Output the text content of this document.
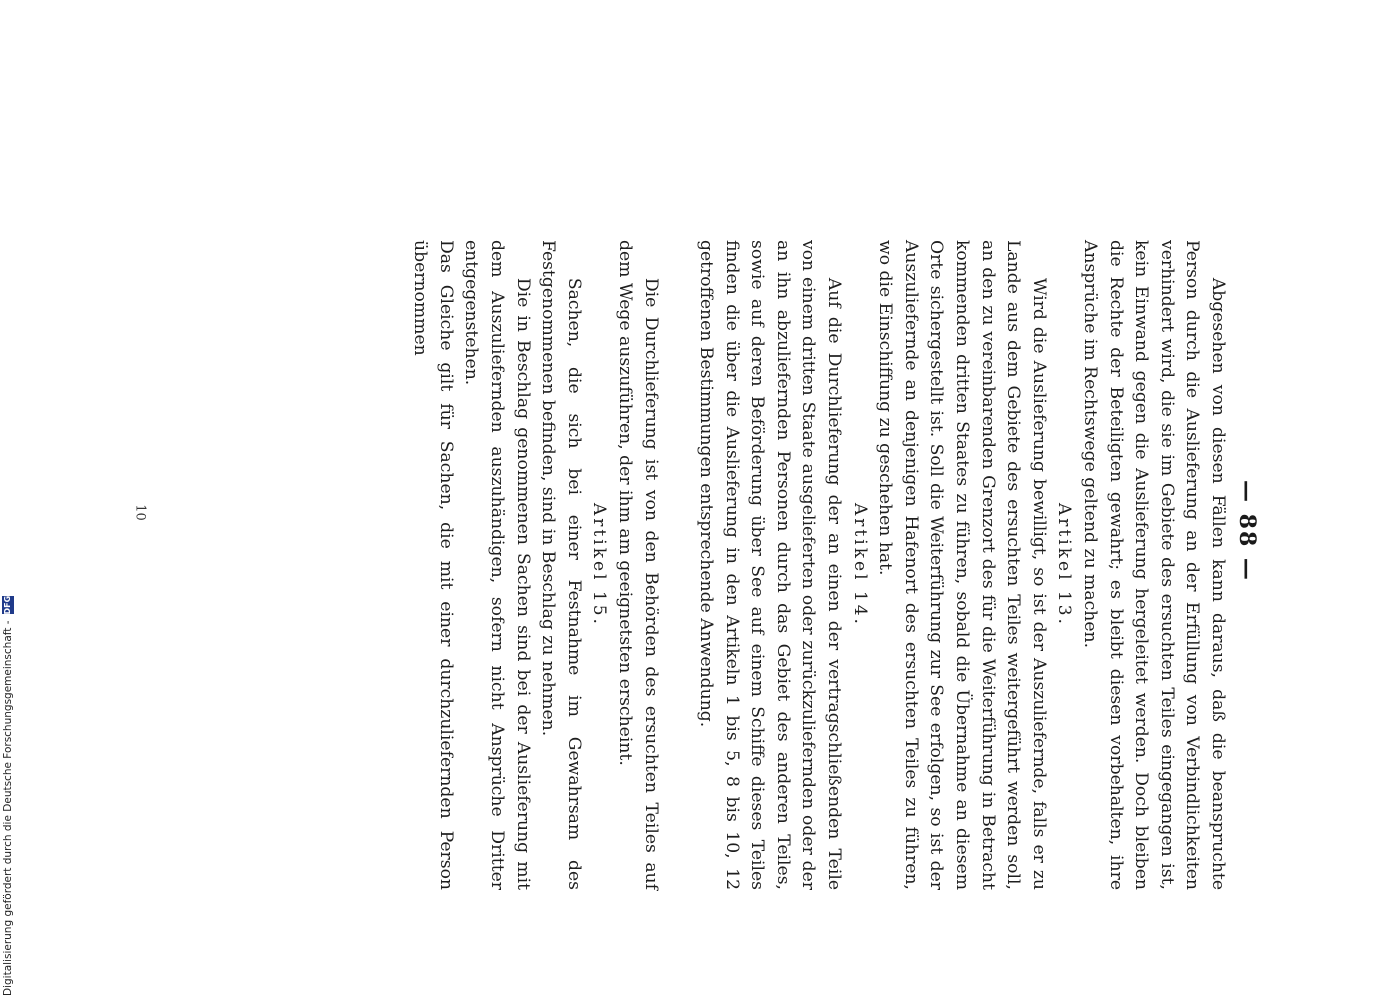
— 88 —

Abgesehen von diesen Fällen kann daraus, daß die beanspruchte Person durch die Auslieferung an der Erfüllung von Verbindlichkeiten verhindert wird, die sie im Gebiete des ersuchten Teiles eingegangen ist, kein Einwand gegen die Auslieferung hergeleitet werden. Doch bleiben die Rechte der Beteiligten gewahrt; es bleibt diesen vorbehalten, ihre Ansprüche im Rechtswege geltend zu machen.

Artikel 13.

Wird die Auslieferung bewilligt, so ist der Auszuliefernde, falls er zu Lande aus dem Gebiete des ersuchten Teiles weitergeführt werden soll, an den zu vereinbarenden Grenzort des für die Weiterführung in Betracht kommenden dritten Staates zu führen, sobald die Übernahme an diesem Orte sichergestellt ist. Soll die Weiterführung zur See erfolgen, so ist der Auszuliefernde an denjenigen Hafenort des ersuchten Teiles zu führen, wo die Einschiffung zu geschehen hat.

Artikel 14.

Auf die Durchlieferung der an einen der vertragschließenden Teile von einem dritten Staate ausgelieferten oder zurückzuliefernden oder der an ihn abzuliefernden Personen durch das Gebiet des anderen Teiles, sowie auf deren Beförderung über See auf einem Schiffe dieses Teiles finden die über die Auslieferung in den Artikeln 1 bis 5, 8 bis 10, 12 getroffenen Bestimmungen entsprechende Anwendung.

Die Durchlieferung ist von den Behörden des ersuchten Teiles auf dem Wege auszuführen, der ihm am geeignetsten erscheint.

Artikel 15.

Sachen, die sich bei einer Festnahme im Gewahrsam des Festgenommenen befinden, sind in Beschlag zu nehmen.

Die in Beschlag genommenen Sachen sind bei der Auslieferung mit dem Auszuliefernden auszuhändigen, sofern nicht Ansprüche Dritter entgegenstehen.

Das Gleiche gilt für Sachen, die mit einer durchzuliefernden Person übernommen

10
Digitalisierung gefördert durch die Deutsche Forschungsgemeinschaft -
DFG
